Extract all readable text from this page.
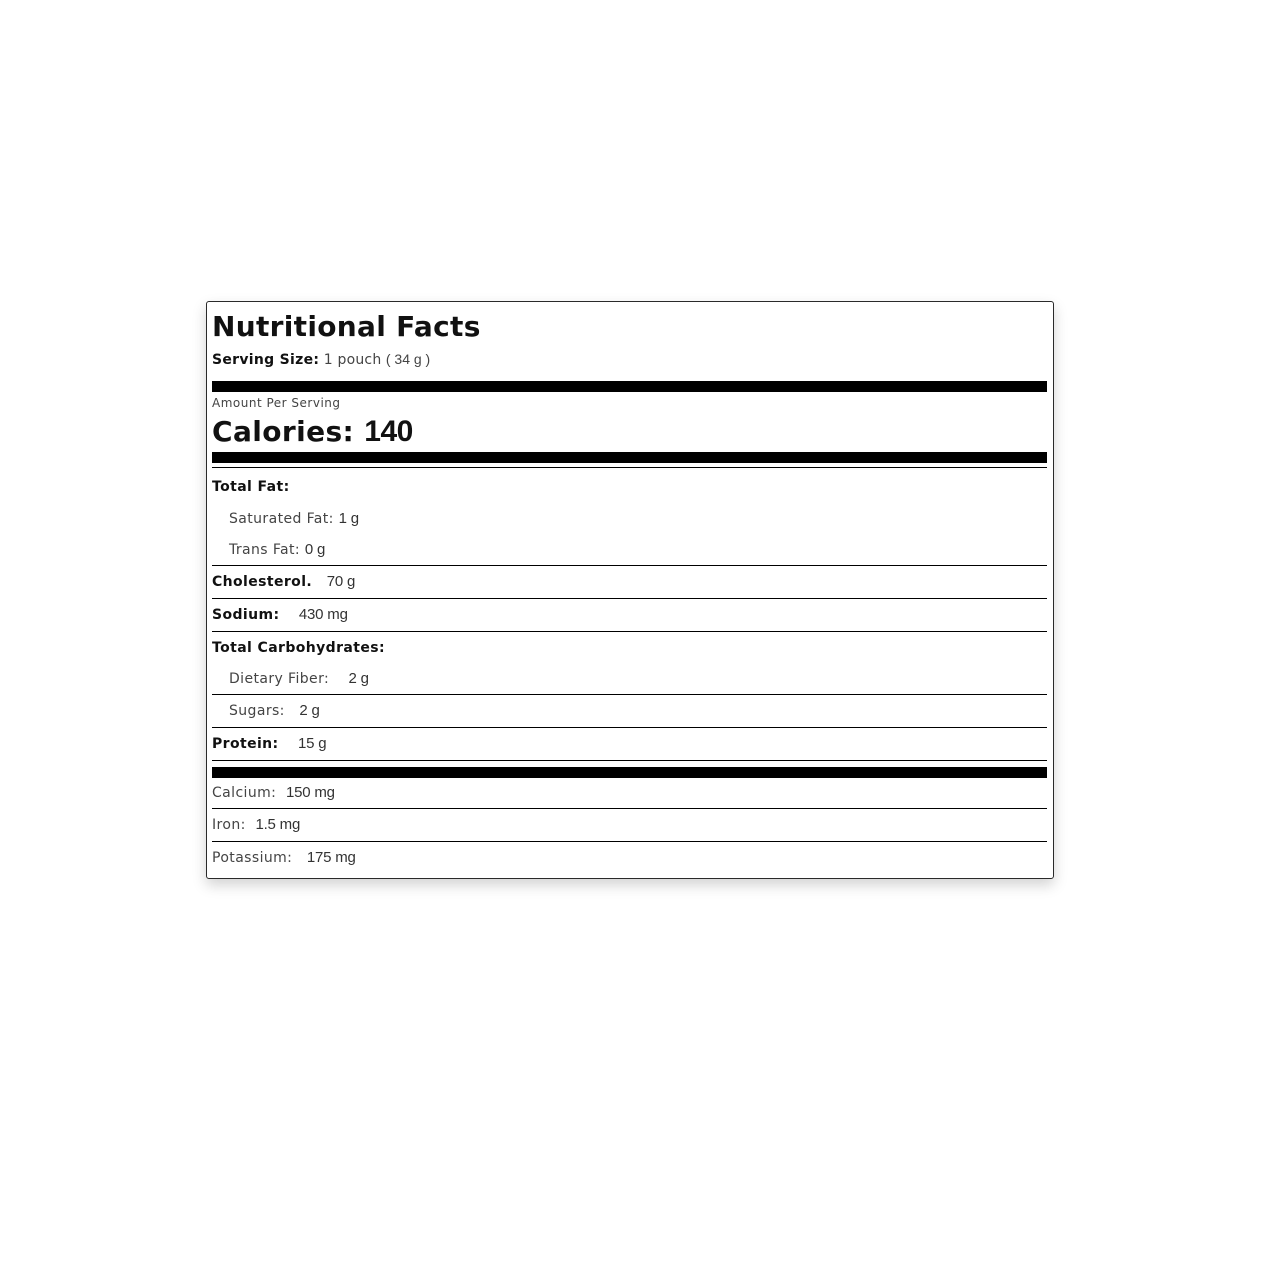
Nutritional Facts
Serving Size: 1 pouch ( 34 g )
Amount Per Serving
Calories: 140
Total Fat:
Saturated Fat: 1 g
Trans Fat: 0 g
Cholesterol. 70 g
Sodium: 430 mg
Total Carbohydrates:
Dietary Fiber: 2 g
Sugars: 2 g
Protein: 15 g
Calcium: 150 mg
Iron: 1.5 mg
Potassium: 175 mg
